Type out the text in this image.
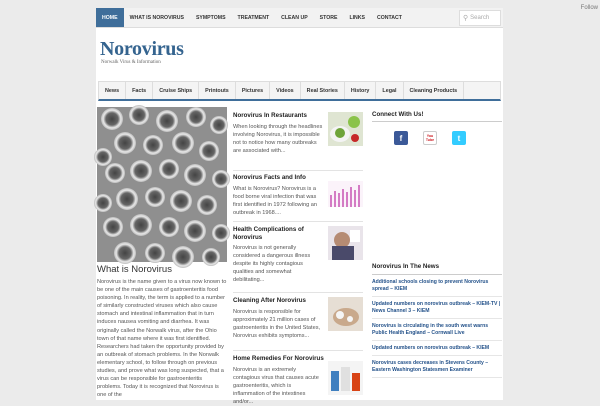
Follow
HOME	WHAT IS NOROVIRUS	SYMPTOMS	TREATMENT	CLEAN UP	STORE	LINKS	CONTACT	⚲ Search
Norovirus
Norwalk Virus & Information
News	Facts	Cruise Ships	Printouts	Pictures	Videos	Real Stories	History	Legal	Cleaning Products
What is Norovirus
Norovirus is the name given to a virus now known to be one of the main causes of gastroenteritis food poisoning. In reality, the term is applied to a number of similarly constructed viruses which also cause stomach and intestinal inflammation that in turn induces nausea vomiting and diarrhea. It was originally called the Norwalk virus, after the Ohio town of that name where it was first identified. Researchers had taken the opportunity provided by an outbreak of stomach problems. In the Norwalk elementary school, to follow through on previous studies, and prove what was long suspected, that a virus can be responsible for gastroenteritis problems. Today it is recognized that Norovirus is one of the
Norovirus In Restaurants

When looking through the headlines involving Norovirus, it is impossible not to notice how many outbreaks are associated with...

Norovirus Facts and Info

What is Norovirus? Norovirus is a food borne viral infection that was first identified in 1972 following an outbreak in 1968....

Health Complications of Norovirus

Norovirus is not generally considered a dangerous illness despite its highly contagious qualities and somewhat debilitating...

Cleaning After Norovirus

Norovirus is responsible for approximately 21 million cases of gastroenteritis in the United States, Norovirus exhibits symptoms...

Home Remedies For Norovirus

Norovirus is an extremely contagious virus that causes acute gastroenteritis, which is inflammation of the intestines and/or...

Connect With Us!
f	You Tube	t
Norovirus In The News
Additional schools closing to prevent Norovirus spread – KIEM
Updated numbers on norovirus outbreak – KIEM-TV | News Channel 3 – KIEM
Norovirus is circulating in the south west warns Public Health England – Cornwall Live
Updated numbers on norovirus outbreak – KIEM
Norovirus cases decreases in Stevens County – Eastern Washington Statesmen Examiner
